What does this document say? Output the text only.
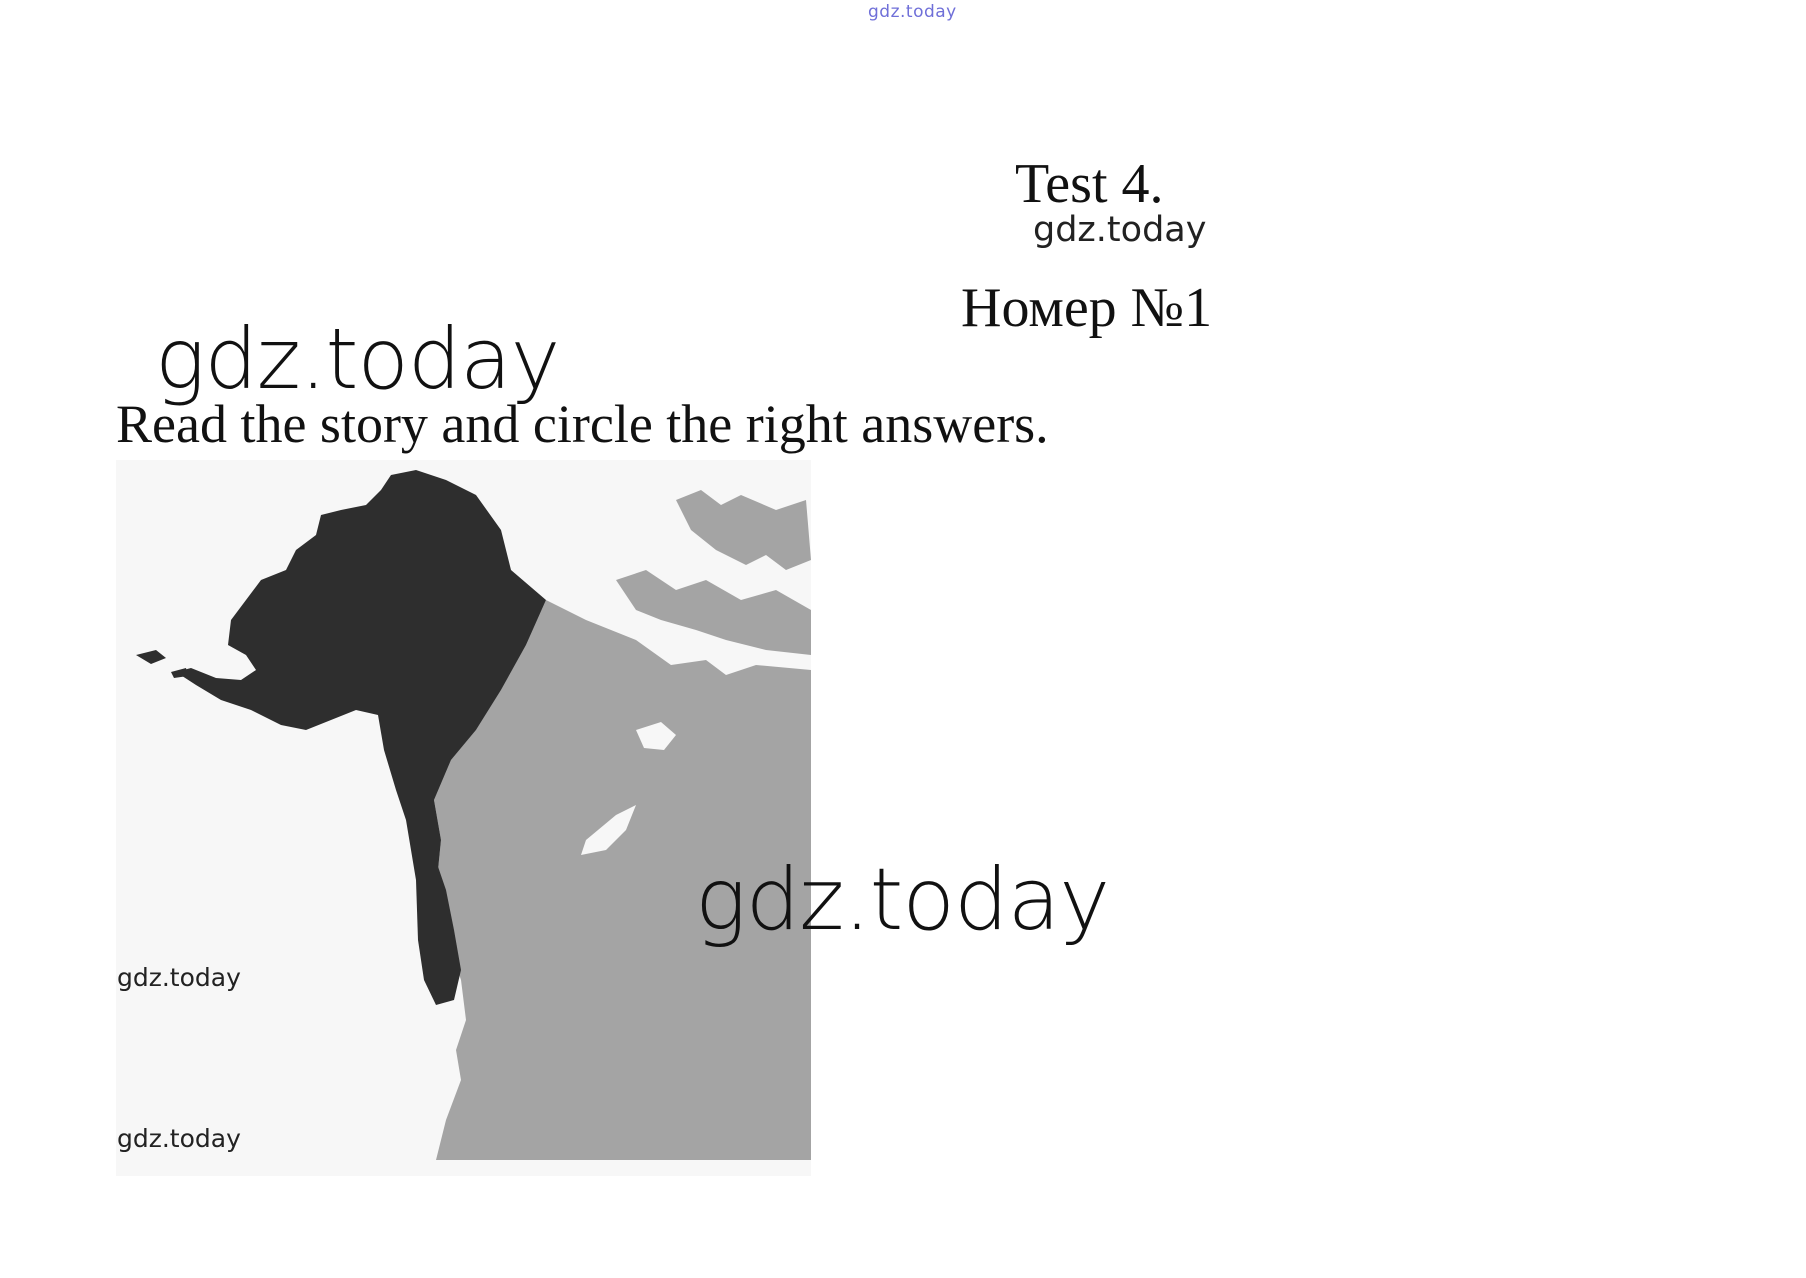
gdz.today
Test 4.
gdz.today
Номер №1
gdz.today
Read the story and circle the right answers.
gdz.today
gdz.today
gdz.today
